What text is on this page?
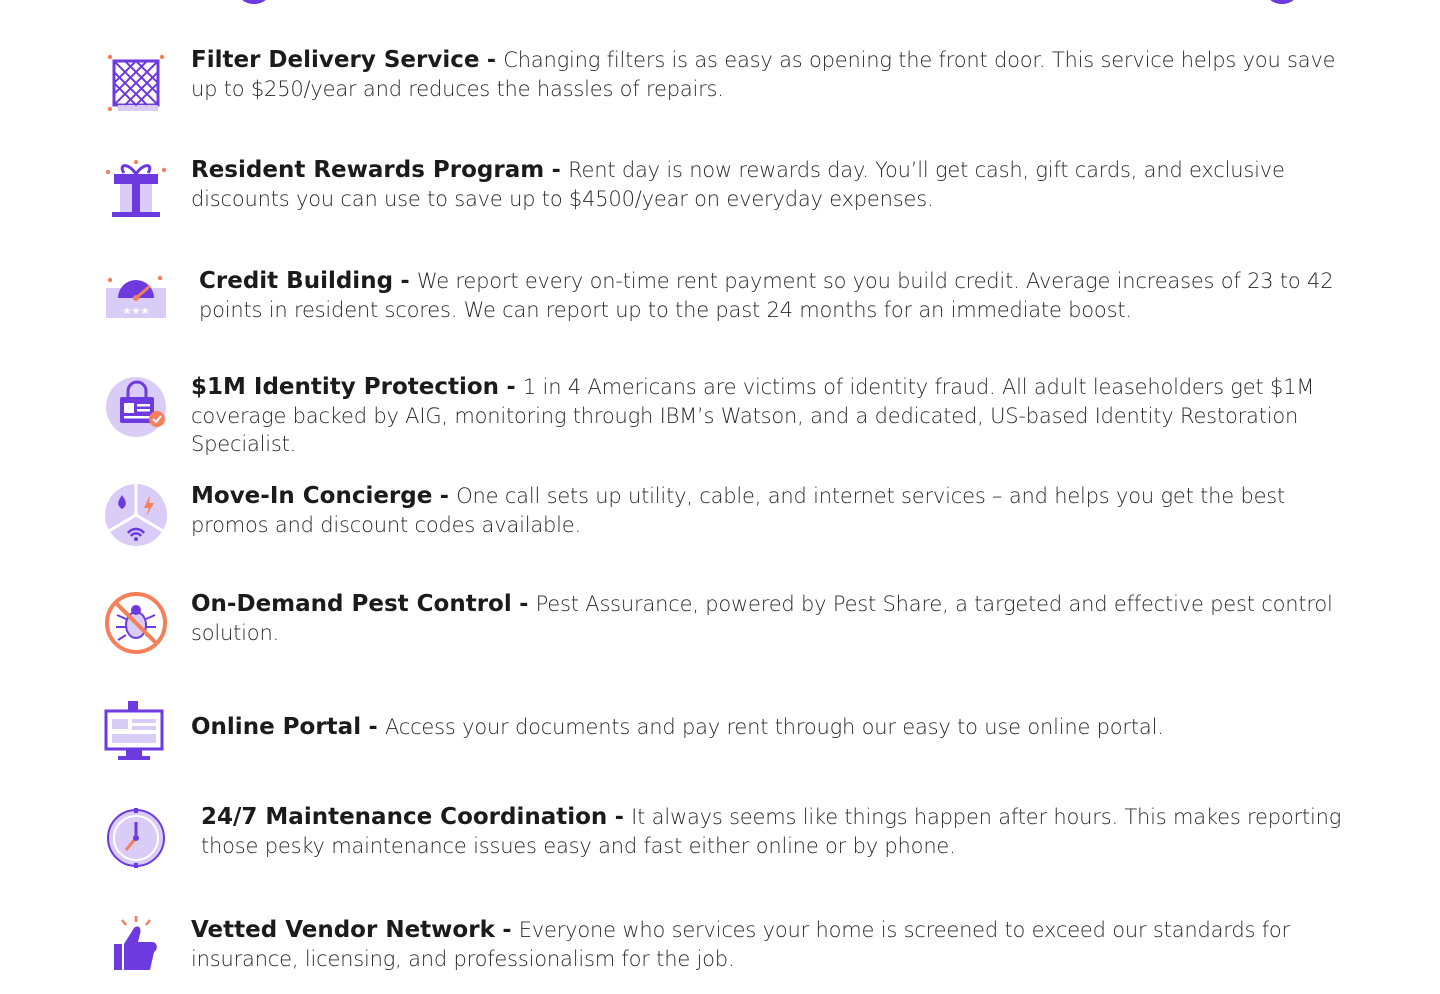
Filter Delivery Service - Changing filters is as easy as opening the front door. This service helps you save up to $250/year and reduces the hassles of repairs.
Resident Rewards Program - Rent day is now rewards day. You’ll get cash, gift cards, and exclusive discounts you can use to save up to $4500/year on everyday expenses.
★★★
Credit Building - We report every on-time rent payment so you build credit. Average increases of 23 to 42 points in resident scores. We can report up to the past 24 months for an immediate boost.
$1M Identity Protection - 1 in 4 Americans are victims of identity fraud. All adult leaseholders get $1M coverage backed by AIG, monitoring through IBM’s Watson, and a dedicated, US-based Identity Restoration Specialist.
Move-In Concierge - One call sets up utility, cable, and internet services – and helps you get the best promos and discount codes available.
On-Demand Pest Control - Pest Assurance, powered by Pest Share, a targeted and effective pest control solution.
Online Portal - Access your documents and pay rent through our easy to use online portal.
24/7 Maintenance Coordination - It always seems like things happen after hours. This makes reporting those pesky maintenance issues easy and fast either online or by phone.
Vetted Vendor Network - Everyone who services your home is screened to exceed our standards for insurance, licensing, and professionalism for the job.
